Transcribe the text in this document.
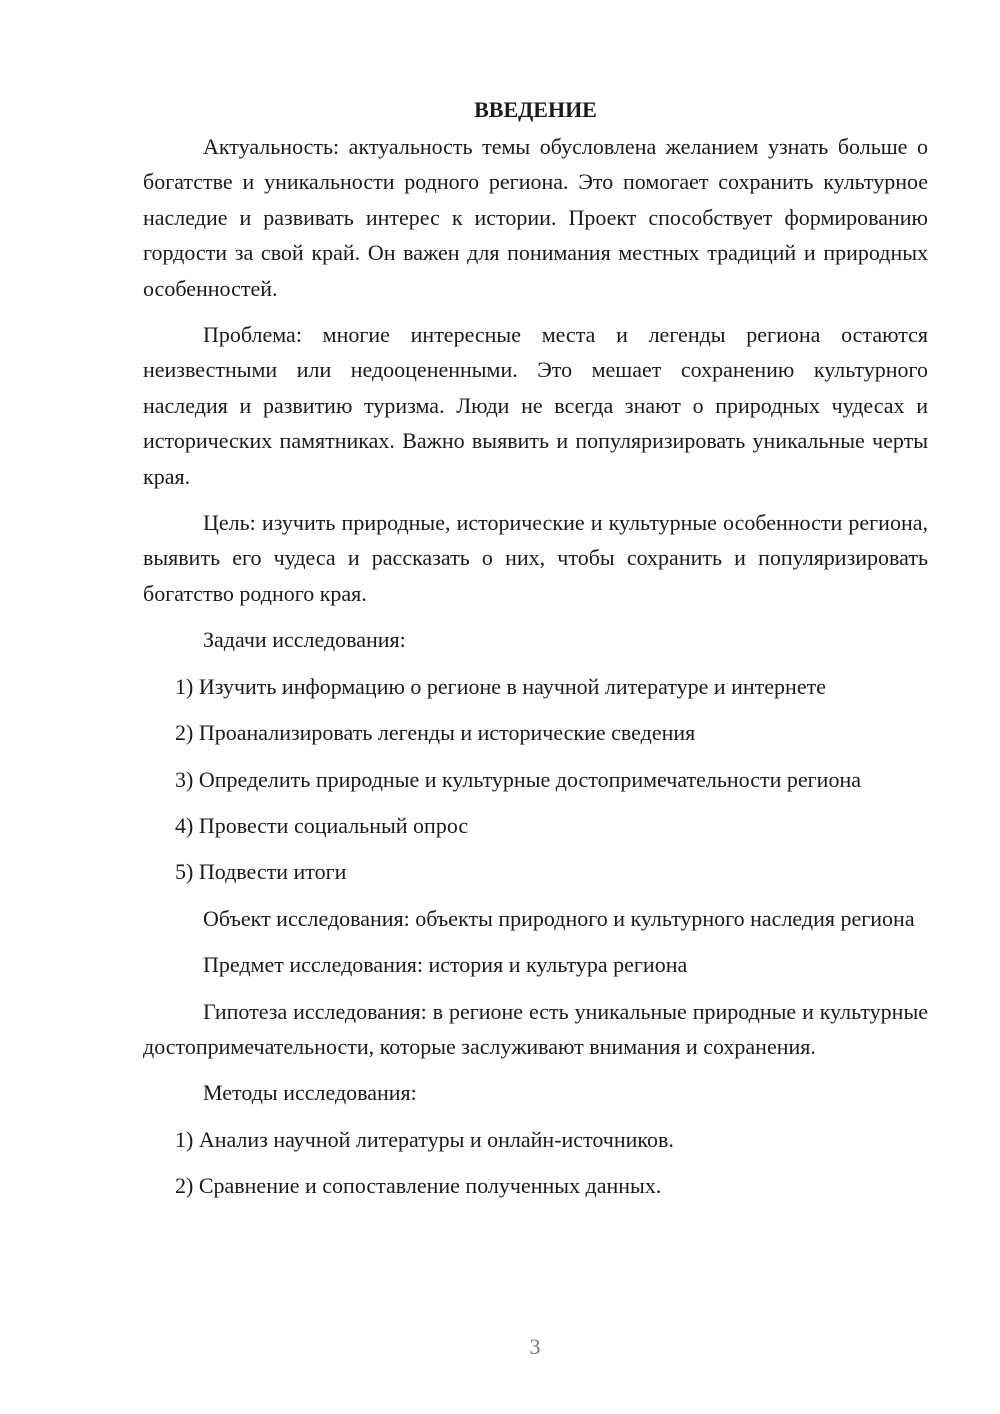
ВВЕДЕНИЕ

Актуальность: актуальность темы обусловлена желанием узнать больше о богатстве и уникальности родного региона. Это помогает сохранить культурное наследие и развивать интерес к истории. Проект способствует формированию гордости за свой край. Он важен для понимания местных традиций и природных особенностей.

Проблема: многие интересные места и легенды региона остаются неизвестными или недооцененными. Это мешает сохранению культурного наследия и развитию туризма. Люди не всегда знают о природных чудесах и исторических памятниках. Важно выявить и популяризировать уникальные черты края.

Цель: изучить природные, исторические и культурные особенности региона, выявить его чудеса и рассказать о них, чтобы сохранить и популяризировать богатство родного края.

Задачи исследования:

1) Изучить информацию о регионе в научной литературе и интернете

2) Проанализировать легенды и исторические сведения

3) Определить природные и культурные достопримечательности региона

4) Провести социальный опрос

5) Подвести итоги

Объект исследования: объекты природного и культурного наследия региона

Предмет исследования: история и культура региона

Гипотеза исследования: в регионе есть уникальные природные и культурные достопримечательности, которые заслуживают внимания и сохранения.

Методы исследования:

1) Анализ научной литературы и онлайн-источников.

2) Сравнение и сопоставление полученных данных.

3
